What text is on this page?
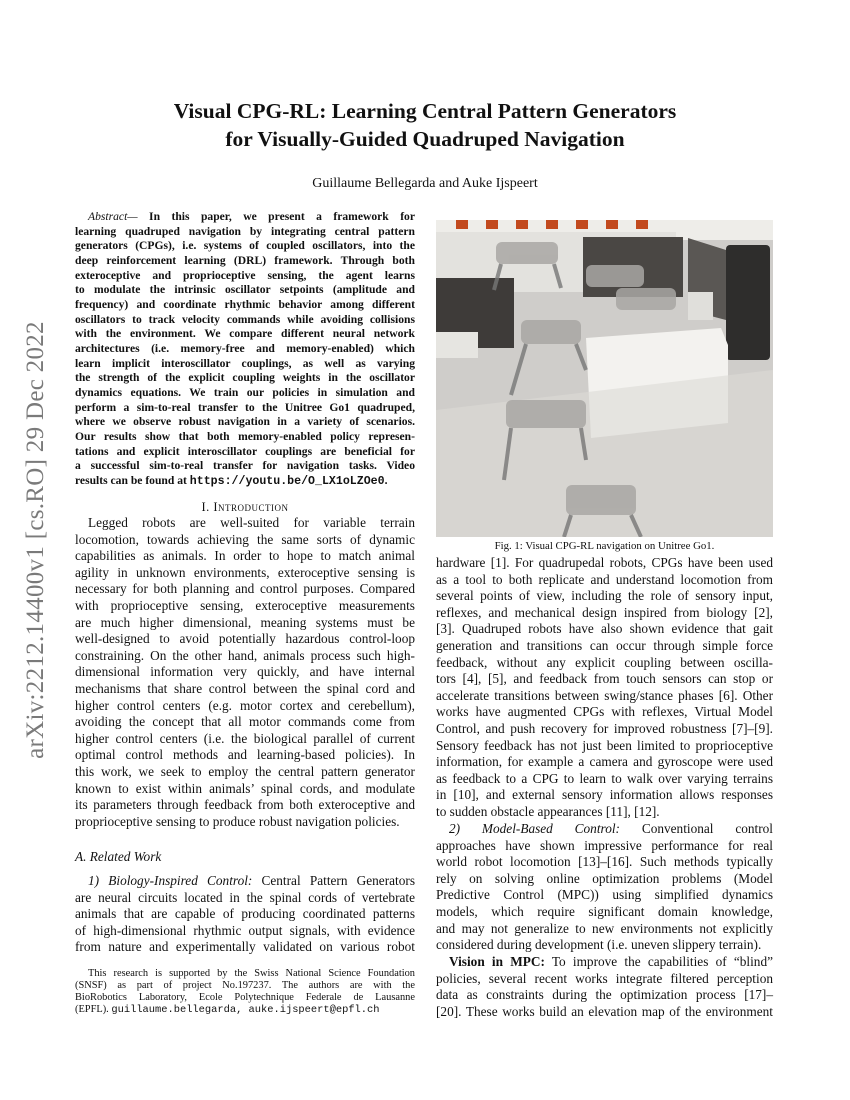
Visual CPG-RL: Learning Central Pattern Generators
for Visually-Guided Quadruped Navigation
Guillaume Bellegarda and Auke Ijspeert
arXiv:2212.14400v1 [cs.RO] 29 Dec 2022
Abstract— In this paper, we present a framework for
learning quadruped navigation by integrating central pattern
generators (CPGs), i.e. systems of coupled oscillators, into the
deep reinforcement learning (DRL) framework. Through both
exteroceptive and proprioceptive sensing, the agent learns
to modulate the intrinsic oscillator setpoints (amplitude and
frequency) and coordinate rhythmic behavior among different
oscillators to track velocity commands while avoiding collisions
with the environment. We compare different neural network
architectures (i.e. memory-free and memory-enabled) which
learn implicit interoscillator couplings, as well as varying
the strength of the explicit coupling weights in the oscillator
dynamics equations. We train our policies in simulation and
perform a sim-to-real transfer to the Unitree Go1 quadruped,
where we observe robust navigation in a variety of scenarios.
Our results show that both memory-enabled policy represen-
tations and explicit interoscillator couplings are beneficial for
a successful sim-to-real transfer for navigation tasks. Video
results can be found at https://youtu.be/O_LX1oLZOe0.
I. Introduction
Legged robots are well-suited for variable terrain
locomotion, towards achieving the same sorts of dynamic
capabilities as animals. In order to hope to match animal
agility in unknown environments, exteroceptive sensing is
necessary for both planning and control purposes. Compared
with proprioceptive sensing, exteroceptive measurements
are much higher dimensional, meaning systems must be
well-designed to avoid potentially hazardous control-loop
constraining. On the other hand, animals process such high-
dimensional information very quickly, and have internal
mechanisms that share control between the spinal cord and
higher control centers (e.g. motor cortex and cerebellum),
avoiding the concept that all motor commands come from
higher control centers (i.e. the biological parallel of current
optimal control methods and learning-based policies). In
this work, we seek to employ the central pattern generator
known to exist within animals’ spinal cords, and modulate
its parameters through feedback from both exteroceptive and
proprioceptive sensing to produce robust navigation policies.
A. Related Work
1) Biology-Inspired Control: Central Pattern Generators
are neural circuits located in the spinal cords of vertebrate
animals that are capable of producing coordinated patterns
of high-dimensional rhythmic output signals, with evidence
from nature and experimentally validated on various robot
This research is supported by the Swiss National Science Foundation
(SNSF) as part of project No.197237. The authors are with the
BioRobotics Laboratory, Ecole Polytechnique Federale de Lausanne
(EPFL). guillaume.bellegarda, auke.ijspeert@epfl.ch
Fig. 1: Visual CPG-RL navigation on Unitree Go1.
hardware [1]. For quadrupedal robots, CPGs have been used
as a tool to both replicate and understand locomotion from
several points of view, including the role of sensory input,
reflexes, and mechanical design inspired from biology [2],
[3]. Quadruped robots have also shown evidence that gait
generation and transitions can occur through simple force
feedback, without any explicit coupling between oscilla-
tors [4], [5], and feedback from touch sensors can stop or
accelerate transitions between swing/stance phases [6]. Other
works have augmented CPGs with reflexes, Virtual Model
Control, and push recovery for improved robustness [7]–[9].
Sensory feedback has not just been limited to proprioceptive
information, for example a camera and gyroscope were used
as feedback to a CPG to learn to walk over varying terrains
in [10], and external sensory information allows responses
to sudden obstacle appearances [11], [12].
2) Model-Based Control: Conventional control
approaches have shown impressive performance for real
world robot locomotion [13]–[16]. Such methods typically
rely on solving online optimization problems (Model
Predictive Control (MPC)) using simplified dynamics
models, which require significant domain knowledge,
and may not generalize to new environments not explicitly
considered during development (i.e. uneven slippery terrain).
Vision in MPC: To improve the capabilities of “blind”
policies, several recent works integrate filtered perception
data as constraints during the optimization process [17]–
[20]. These works build an elevation map of the environment
